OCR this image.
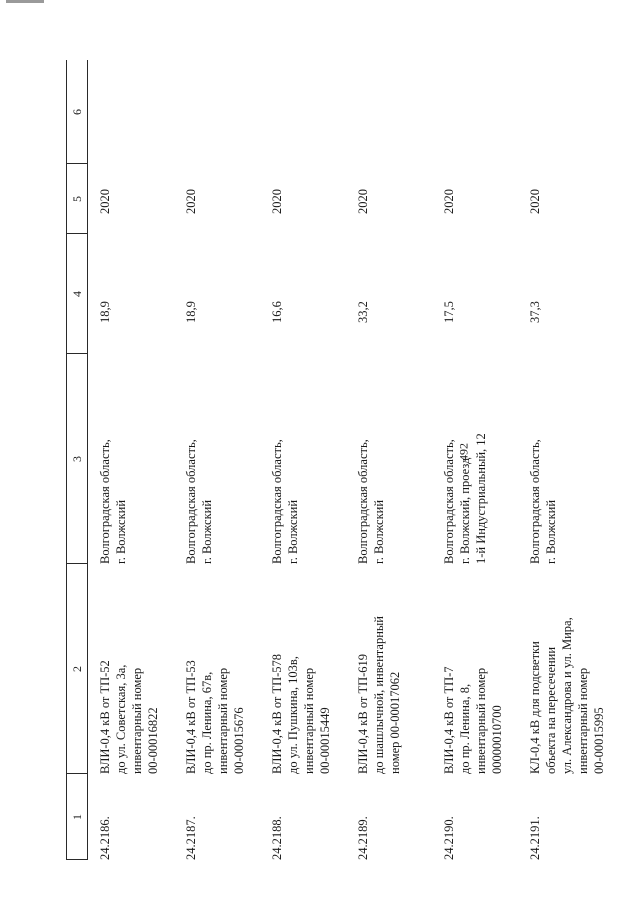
492
1
2
3
4
5
6
24.2186.
ВЛИ-0,4 кВ от ТП-52
до ул. Советская, 3а,
инвентарный номер
00-00016822
Волгоградская область,
г. Волжский
18,9
2020
24.2187.
ВЛИ-0,4 кВ от ТП-53
до пр. Ленина, 67в,
инвентарный номер
00-00015676
Волгоградская область,
г. Волжский
18,9
2020
24.2188.
ВЛИ-0,4 кВ от ТП-578
до ул. Пушкина, 103в,
инвентарный номер
00-00015449
Волгоградская область,
г. Волжский
16,6
2020
24.2189.
ВЛИ-0,4 кВ от ТП-619
до шашлычной, инвентарный
номер 00-00017062
Волгоградская область,
г. Волжский
33,2
2020
24.2190.
ВЛИ-0,4 кВ от ТП-7
до пр. Ленина, 8,
инвентарный номер
00000010700
Волгоградская область,
г. Волжский, проезд
1-й Индустриальный, 12
17,5
2020
24.2191.
КЛ-0,4 кВ для подсветки
объекта на пересечении
ул. Александрова и ул. Мира,
инвентарный номер
00-00015995
Волгоградская область,
г. Волжский
37,3
2020
